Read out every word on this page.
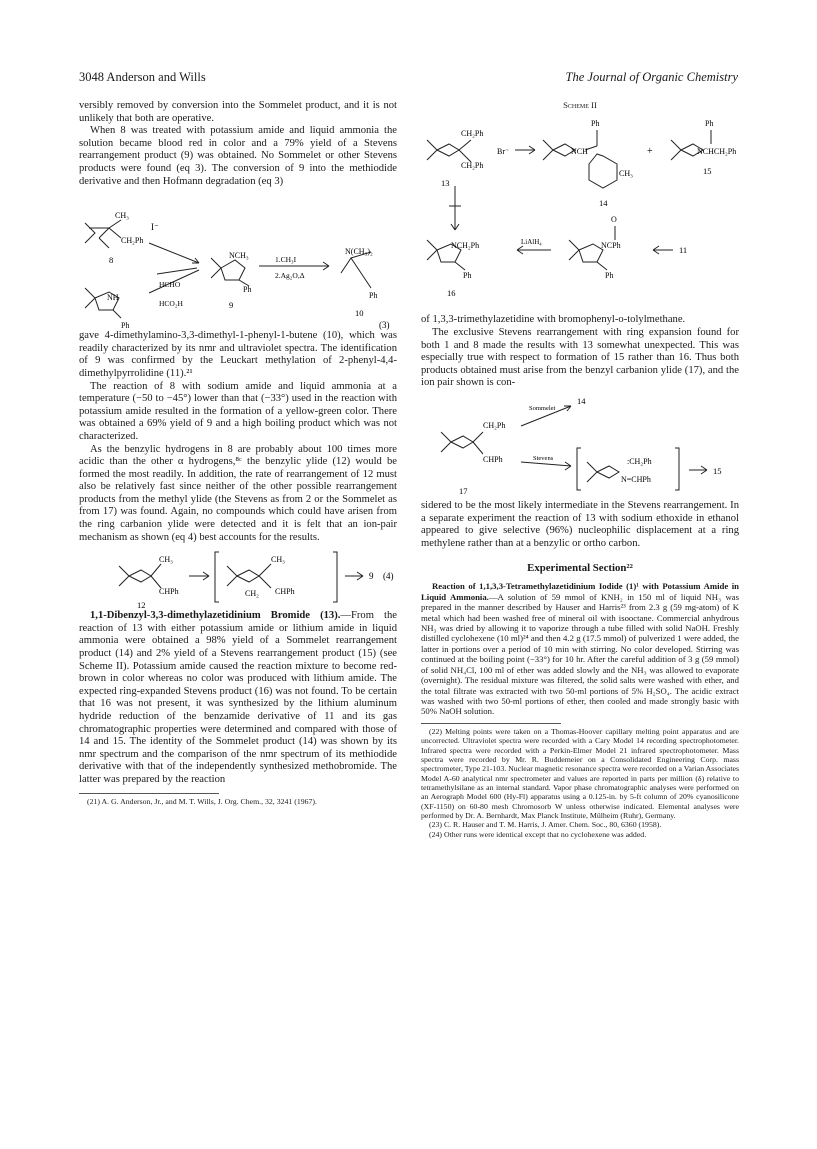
3048 Anderson and Wills	The Journal of Organic Chemistry

versibly removed by conversion into the Sommelet product, and it is not unlikely that both are operative.

When 8 was treated with potassium amide and liquid ammonia the solution became blood red in color and a 79% yield of a Stevens rearrangement product (9) was obtained. No Sommelet or other Stevens products were found (eq 3). The conversion of 9 into the methiodide derivative and then Hofmann degradation (eq 3)

CH₃
CH₂Ph
I⁻
8
NH
Ph
HCHO
HCO₂H
NCH₃
Ph
9
1.CH₃I
2.Ag₂O,Δ
N(CH₃)₂
Ph
10
(3)

gave 4-dimethylamino-3,3-dimethyl-1-phenyl-1-butene (10), which was readily characterized by its nmr and ultraviolet spectra. The identification of 9 was confirmed by the Leuckart methylation of 2-phenyl-4,4-dimethylpyrrolidine (11).²¹

The reaction of 8 with sodium amide and liquid ammonia at a temperature (−50 to −45°) lower than that (−33°) used in the reaction with potassium amide resulted in the formation of a yellow-green color. There was obtained a 69% yield of 9 and a high boiling product which was not characterized.

As the benzylic hydrogens in 8 are probably about 100 times more acidic than the other α hydrogens,⁸ᶜ the benzylic ylide (12) would be formed the most readily. In addition, the rate of rearrangement of 12 must also be relatively fast since neither of the other possible rearrangement products from the methyl ylide (the Stevens as from 2 or the Sommelet as from 17) was found. Again, no compounds which could have arisen from the ring carbanion ylide were detected and it is felt that an ion-pair mechanism as shown (eq 4) best accounts for the results.

CH₃
CHPh
12
CH₃
CH₂ CHPh
9 (4)

1,1-Dibenzyl-3,3-dimethylazetidinium Bromide (13).—From the reaction of 13 with either potassium amide or lithium amide in liquid ammonia were obtained a 98% yield of a Sommelet rearrangement product (14) and 2% yield of a Stevens rearrangement product (15) (see Scheme II). Potassium amide caused the reaction mixture to become red-brown in color whereas no color was produced with lithium amide. The expected ring-expanded Stevens product (16) was not found. To be certain that 16 was not present, it was synthesized by the lithium aluminum hydride reduction of the benzamide derivative of 11 and its gas chromatographic properties were determined and compared with those of 14 and 15. The identity of the Sommelet product (14) was shown by its nmr spectrum and the comparison of the nmr spectrum of its methiodide derivative with that of the independently synthesized methobromide. The latter was prepared by the reaction

(21) A. G. Anderson, Jr., and M. T. Wills, J. Org. Chem., 32, 3241 (1967).

Scheme II

CH₂Ph
CH₂Ph
Br⁻
13
Ph
NCH
CH₃
14
+
Ph
NCHCH₂Ph
15
NCH₂Ph
Ph
16
LiAlH₄
O
NCPh
Ph
11

of 1,3,3-trimethylazetidine with bromophenyl-o-tolylmethane.

The exclusive Stevens rearrangement with ring expansion found for both 1 and 8 made the results with 13 somewhat unexpected. This was especially true with respect to formation of 15 rather than 16. Thus both products obtained must arise from the benzyl carbanion ylide (17), and the ion pair shown is con-

CH₂Ph
CHPh
17
Sommelet
14
Stevens	:CH₂Ph
N=CHPh
15

sidered to be the most likely intermediate in the Stevens rearrangement. In a separate experiment the reaction of 13 with sodium ethoxide in ethanol appeared to give selective (96%) nucleophilic displacement at a ring methylene rather than at a benzylic or ortho carbon.

Experimental Section²²

Reaction of 1,1,3,3-Tetramethylazetidinium Iodide (1)¹ with Potassium Amide in Liquid Ammonia.—A solution of 59 mmol of KNH₂ in 150 ml of liquid NH₃ was prepared in the manner described by Hauser and Harris²³ from 2.3 g (59 mg-atom) of K metal which had been washed free of mineral oil with isooctane. Commercial anhydrous NH₃ was dried by allowing it to vaporize through a tube filled with solid NaOH. Freshly distilled cyclohexene (10 ml)²⁴ and then 4.2 g (17.5 mmol) of pulverized 1 were added, the latter in portions over a period of 10 min with stirring. No color developed. Stirring was continued at the boiling point (−33°) for 10 hr. After the careful addition of 3 g (59 mmol) of solid NH₄Cl, 100 ml of ether was added slowly and the NH₃ was allowed to evaporate (overnight). The residual mixture was filtered, the solid salts were washed with ether, and the total filtrate was extracted with two 50-ml portions of 5% H₂SO₄. The acidic extract was washed with two 50-ml portions of ether, then cooled and made strongly basic with 50% NaOH solution.

(22) Melting points were taken on a Thomas-Hoover capillary melting point apparatus and are uncorrected. Ultraviolet spectra were recorded with a Cary Model 14 recording spectrophotometer. Infrared spectra were recorded with a Perkin-Elmer Model 21 infrared spectrophotometer. Mass spectra were recorded by Mr. R. Buddemeier on a Consolidated Engineering Corp. mass spectrometer, Type 21-103. Nuclear magnetic resonance spectra were recorded on a Varian Associates Model A-60 analytical nmr spectrometer and values are reported in parts per million (δ) relative to tetramethylsilane as an internal standard. Vapor phase chromatographic analyses were performed on an Aerograph Model 600 (Hy-Fl) apparatus using a 0.125-in. by 5-ft column of 20% cyanosilicone (XF-1150) on 60-80 mesh Chromosorb W unless otherwise indicated. Elemental analyses were performed by Dr. A. Bernhardt, Max Planck Institute, Mülheim (Ruhr), Germany.

(23) C. R. Hauser and T. M. Harris, J. Amer. Chem. Soc., 80, 6360 (1958).

(24) Other runs were identical except that no cyclohexene was added.
